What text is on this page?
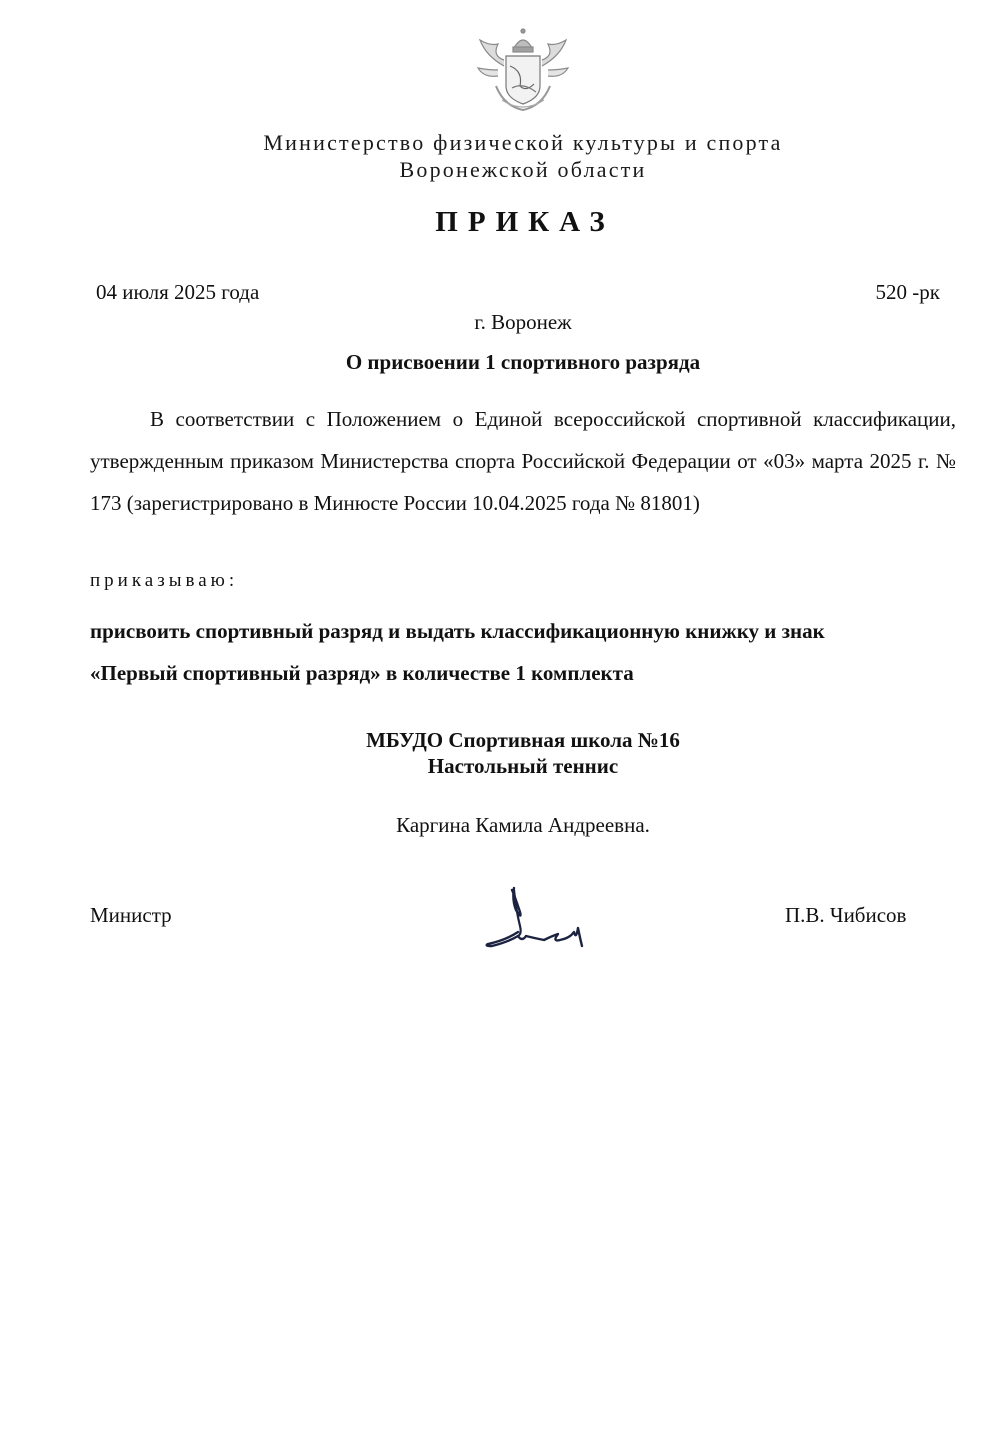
Министерство физической культуры и спорта
Воронежской области
ПРИКАЗ
04 июля 2025 года	520 -рк
г. Воронеж
О присвоении 1 спортивного разряда
В соответствии с Положением о Единой всероссийской спортивной классификации, утвержденным приказом Министерства спорта Российской Федерации от «03» марта 2025 г. № 173 (зарегистрировано в Минюсте России 10.04.2025 года № 81801)
приказываю:
присвоить спортивный разряд и выдать классификационную книжку и знак
«Первый спортивный разряд» в количестве 1 комплекта
МБУДО Спортивная школа №16
Настольный теннис
Каргина Камила Андреевна.
Министр	П.В. Чибисов
